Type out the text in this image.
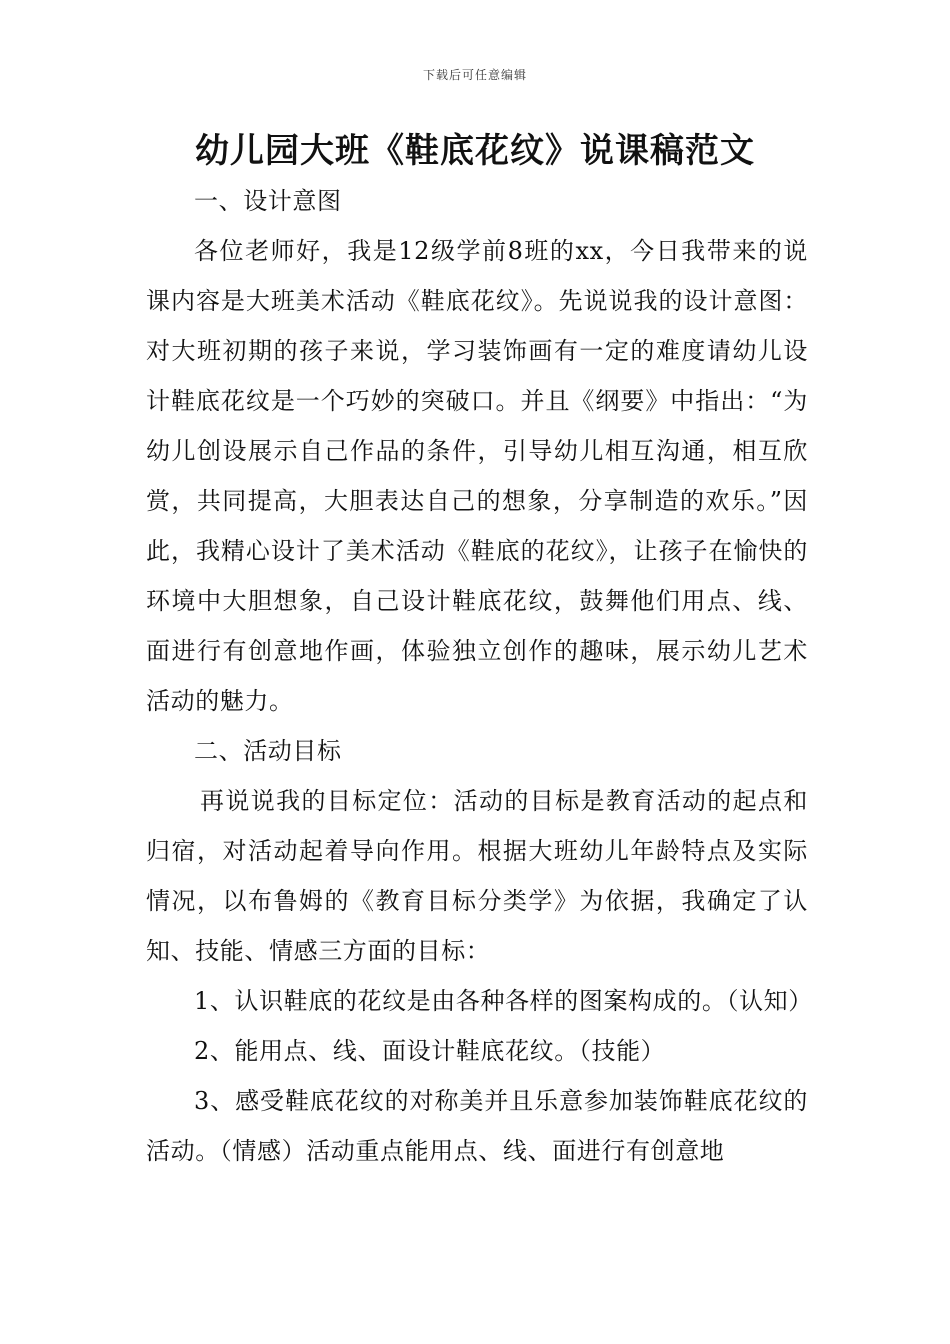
下载后可任意编辑
幼儿园大班《鞋底花纹》说课稿范文

一、设计意图

各位老师好，我是12级学前8班的xx，今日我带来的说课内容是大班美术活动《鞋底花纹》。先说说我的设计意图：对大班初期的孩子来说，学习装饰画有一定的难度请幼儿设计鞋底花纹是一个巧妙的突破口。并且《纲要》中指出：“为幼儿创设展示自己作品的条件，引导幼儿相互沟通，相互欣赏，共同提高，大胆表达自己的想象，分享制造的欢乐。”因此，我精心设计了美术活动《鞋底的花纹》，让孩子在愉快的环境中大胆想象，自己设计鞋底花纹，鼓舞他们用点、线、面进行有创意地作画，体验独立创作的趣味，展示幼儿艺术活动的魅力。

二、活动目标

再说说我的目标定位：活动的目标是教育活动的起点和归宿，对活动起着导向作用。根据大班幼儿年龄特点及实际情况，以布鲁姆的《教育目标分类学》为依据，我确定了认知、技能、情感三方面的目标：

1、认识鞋底的花纹是由各种各样的图案构成的。（认知）

2、能用点、线、面设计鞋底花纹。（技能）

3、感受鞋底花纹的对称美并且乐意参加装饰鞋底花纹的活动。（情感）活动重点能用点、线、面进行有创意地
